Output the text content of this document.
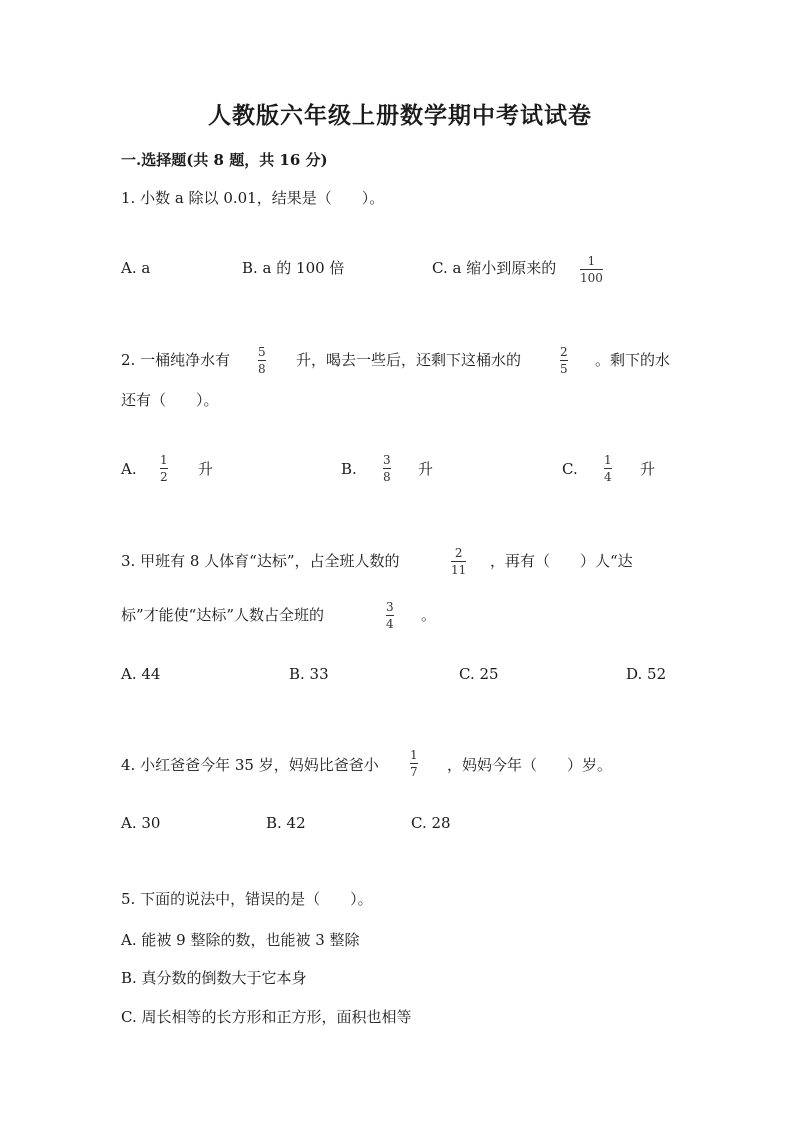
人教版六年级上册数学期中考试试卷
一.选择题(共 8 题，共 16 分)
1. 小数 a 除以 0.01，结果是（　　）。
A. a	B. a 的 100 倍	C. a 缩小到原来的	1
100
2. 一桶纯净水有 5
8 升，喝去一些后，还剩下这桶水的	2
5 。剩下的水
还有（　　）。
A. 1
2 升	B. 3
8 升	C. 1
4 升
3. 甲班有 8 人体育“达标”，占全班人数的	2
11 ，再有（　　）人“达
标”才能使“达标”人数占全班的	3
4 。
A. 44	B. 33	C. 25	D. 52
4. 小红爸爸今年 35 岁，妈妈比爸爸小
1
7 ，妈妈今年（　　）岁。
A. 30	B. 42	C. 28
5. 下面的说法中，错误的是（　　）。
A. 能被 9 整除的数，也能被 3 整除
B. 真分数的倒数大于它本身
C. 周长相等的长方形和正方形，面积也相等
